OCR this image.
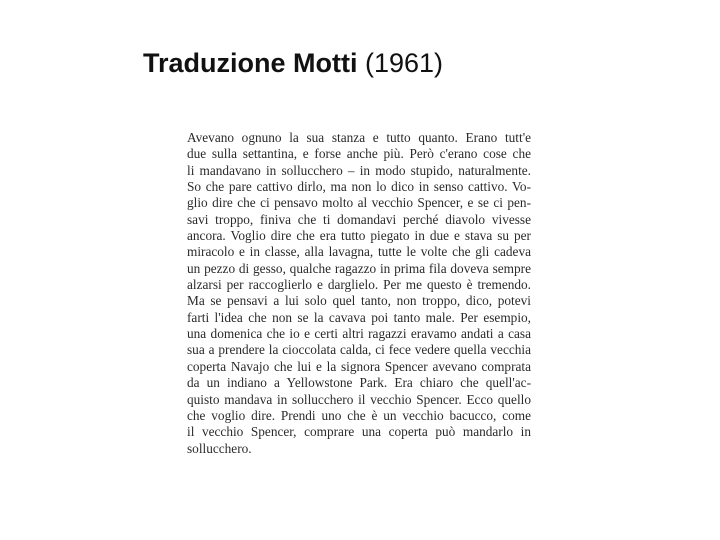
Traduzione Motti (1961)
Avevano ognuno la sua stanza e tutto quanto. Erano tutt'e
due sulla settantina, e forse anche più. Però c'erano cose che
li mandavano in sollucchero – in modo stupido, naturalmente.
So che pare cattivo dirlo, ma non lo dico in senso cattivo. Vo-
glio dire che ci pensavo molto al vecchio Spencer, e se ci pen-
savi troppo, finiva che ti domandavi perché diavolo vivesse
ancora. Voglio dire che era tutto piegato in due e stava su per
miracolo e in classe, alla lavagna, tutte le volte che gli cadeva
un pezzo di gesso, qualche ragazzo in prima fila doveva sempre
alzarsi per raccoglierlo e darglielo. Per me questo è tremendo.
Ma se pensavi a lui solo quel tanto, non troppo, dico, potevi
farti l'idea che non se la cavava poi tanto male. Per esempio,
una domenica che io e certi altri ragazzi eravamo andati a casa
sua a prendere la cioccolata calda, ci fece vedere quella vecchia
coperta Navajo che lui e la signora Spencer avevano comprata
da un indiano a Yellowstone Park. Era chiaro che quell'ac-
quisto mandava in sollucchero il vecchio Spencer. Ecco quello
che voglio dire. Prendi uno che è un vecchio bacucco, come
il vecchio Spencer, comprare una coperta può mandarlo in
sollucchero.
